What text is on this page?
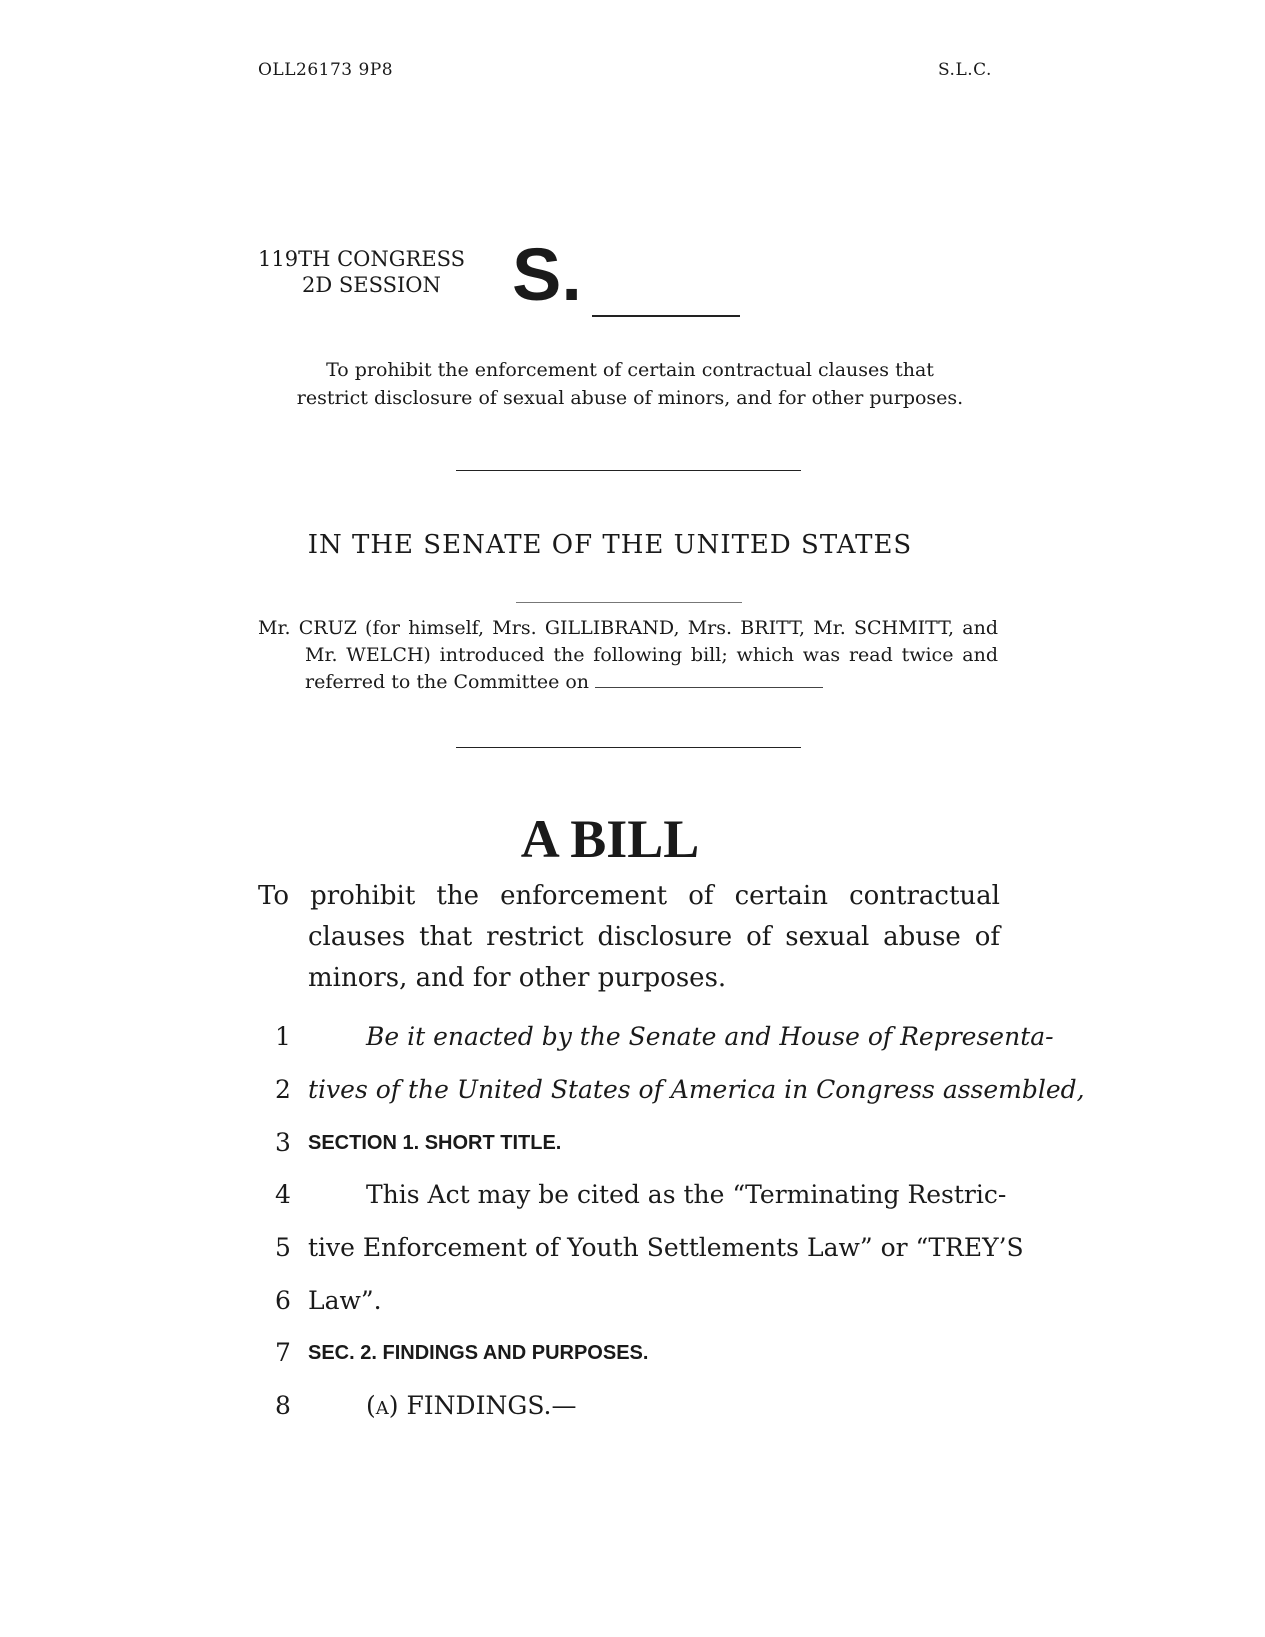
OLL26173 9P8	S.L.C.
119TH CONGRESS
2D SESSION S.
To prohibit the enforcement of certain contractual clauses that restrict disclosure of sexual abuse of minors, and for other purposes.
IN THE SENATE OF THE UNITED STATES
Mr. CRUZ (for himself, Mrs. GILLIBRAND, Mrs. BRITT, Mr. SCHMITT, and Mr. WELCH) introduced the following bill; which was read twice and referred to the Committee on
A BILL
To prohibit the enforcement of certain contractual clauses that restrict disclosure of sexual abuse of minors, and for other purposes.
1	Be it enacted by the Senate and House of Representa-
2 tives of the United States of America in Congress assembled,
3 SECTION 1. SHORT TITLE.
4	This Act may be cited as the “Terminating Restric-
5 tive Enforcement of Youth Settlements Law” or “TREY’S
6 Law”.
7 SEC. 2. FINDINGS AND PURPOSES.
8	(a) FINDINGS.—
